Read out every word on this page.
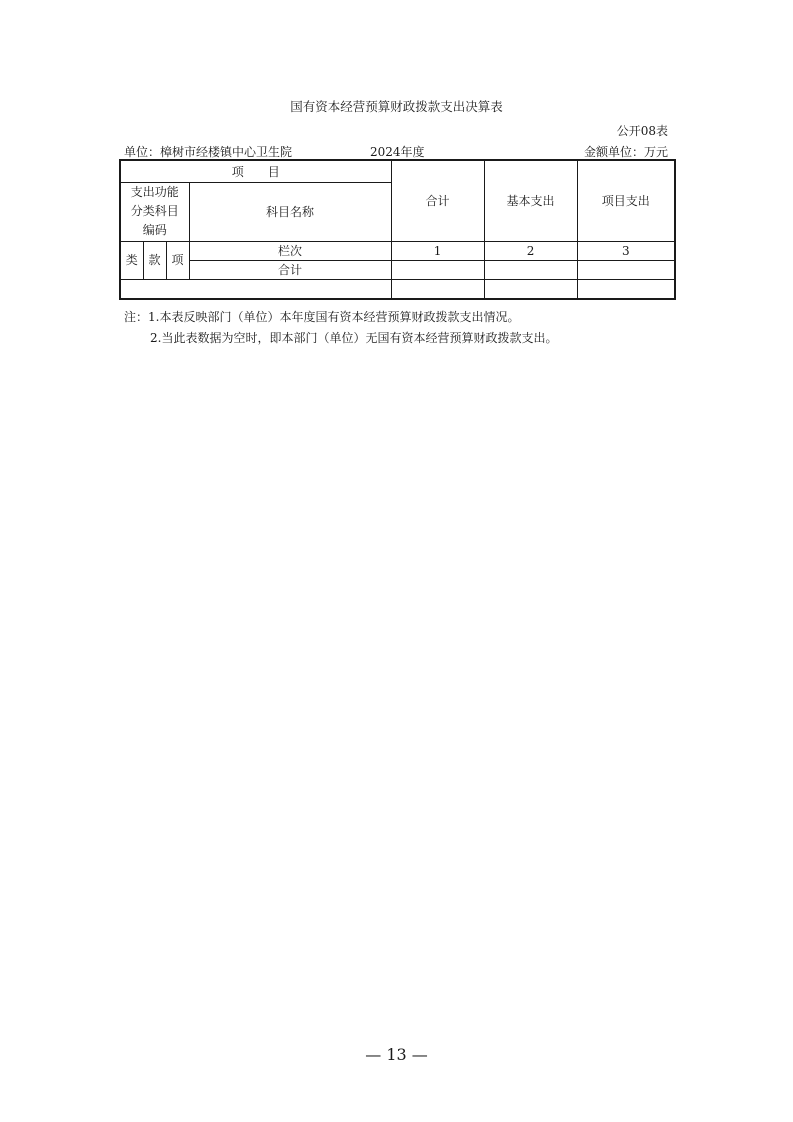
国有资本经营预算财政拨款支出决算表
公开08表
单位：樟树市经楼镇中心卫生院	2024年度	金额单位：万元
项　　目				合计	基本支出	项目支出

支出功能
分类科目
编码			科目名称			
类	款	项	栏次	1	2	3
			合计			

注：1.本表反映部门（单位）本年度国有资本经营预算财政拨款支出情况。
2.当此表数据为空时，即本部门（单位）无国有资本经营预算财政拨款支出。
— 13 —
